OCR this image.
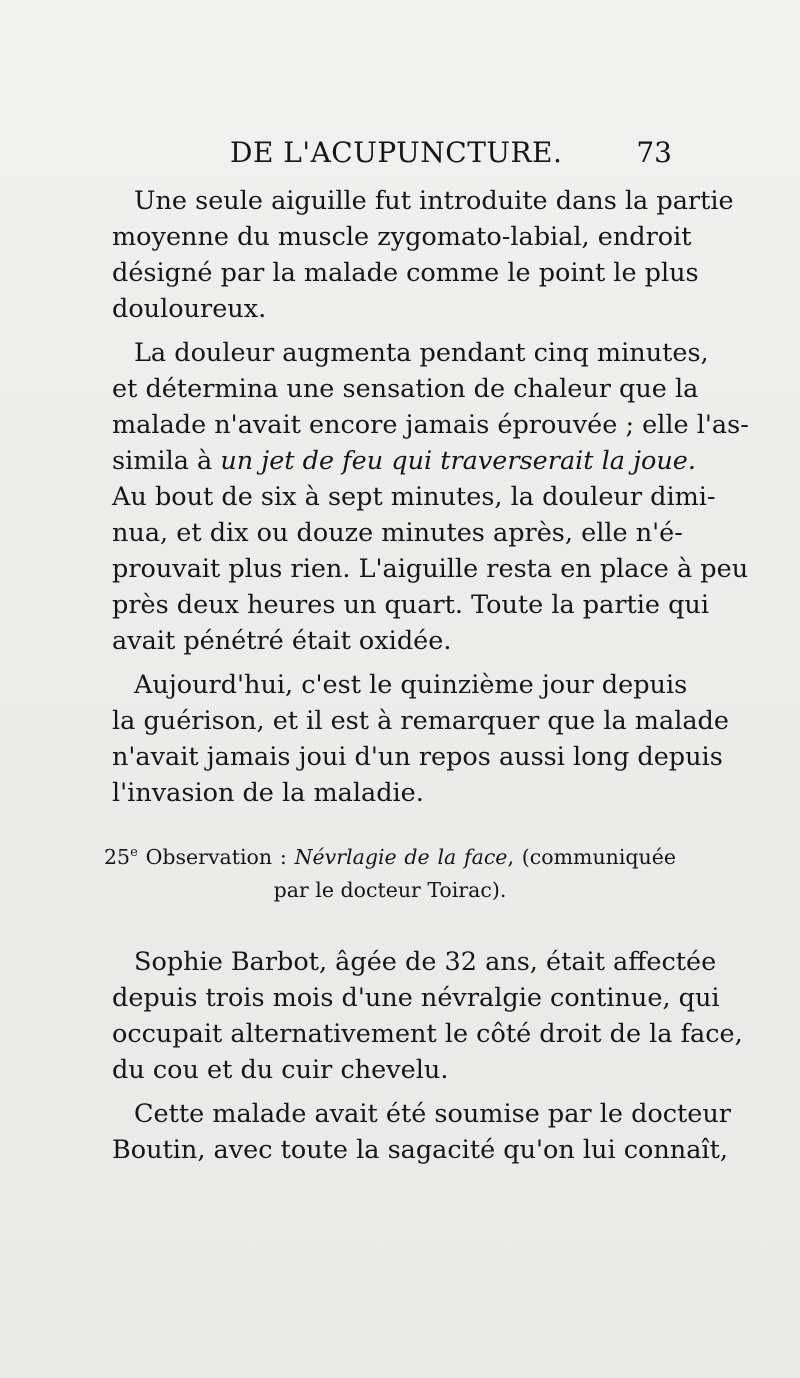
DE L'ACUPUNCTURE.	73
Une seule aiguille fut introduite dans la partie
moyenne du muscle zygomato-labial, endroit
désigné par la malade comme le point le plus
douloureux.
La douleur augmenta pendant cinq minutes,
et détermina une sensation de chaleur que la
malade n'avait encore jamais éprouvée ; elle l'as-
simila à un jet de feu qui traverserait la joue.
Au bout de six à sept minutes, la douleur dimi-
nua, et dix ou douze minutes après, elle n'é-
prouvait plus rien. L'aiguille resta en place à peu
près deux heures un quart. Toute la partie qui
avait pénétré était oxidée.
Aujourd'hui, c'est le quinzième jour depuis
la guérison, et il est à remarquer que la malade
n'avait jamais joui d'un repos aussi long depuis
l'invasion de la maladie.
25e Observation : Névrlagie de la face, (communiquée
par le docteur Toirac).
Sophie Barbot, âgée de 32 ans, était affectée
depuis trois mois d'une névralgie continue, qui
occupait alternativement le côté droit de la face,
du cou et du cuir chevelu.
Cette malade avait été soumise par le docteur
Boutin, avec toute la sagacité qu'on lui connaît,
